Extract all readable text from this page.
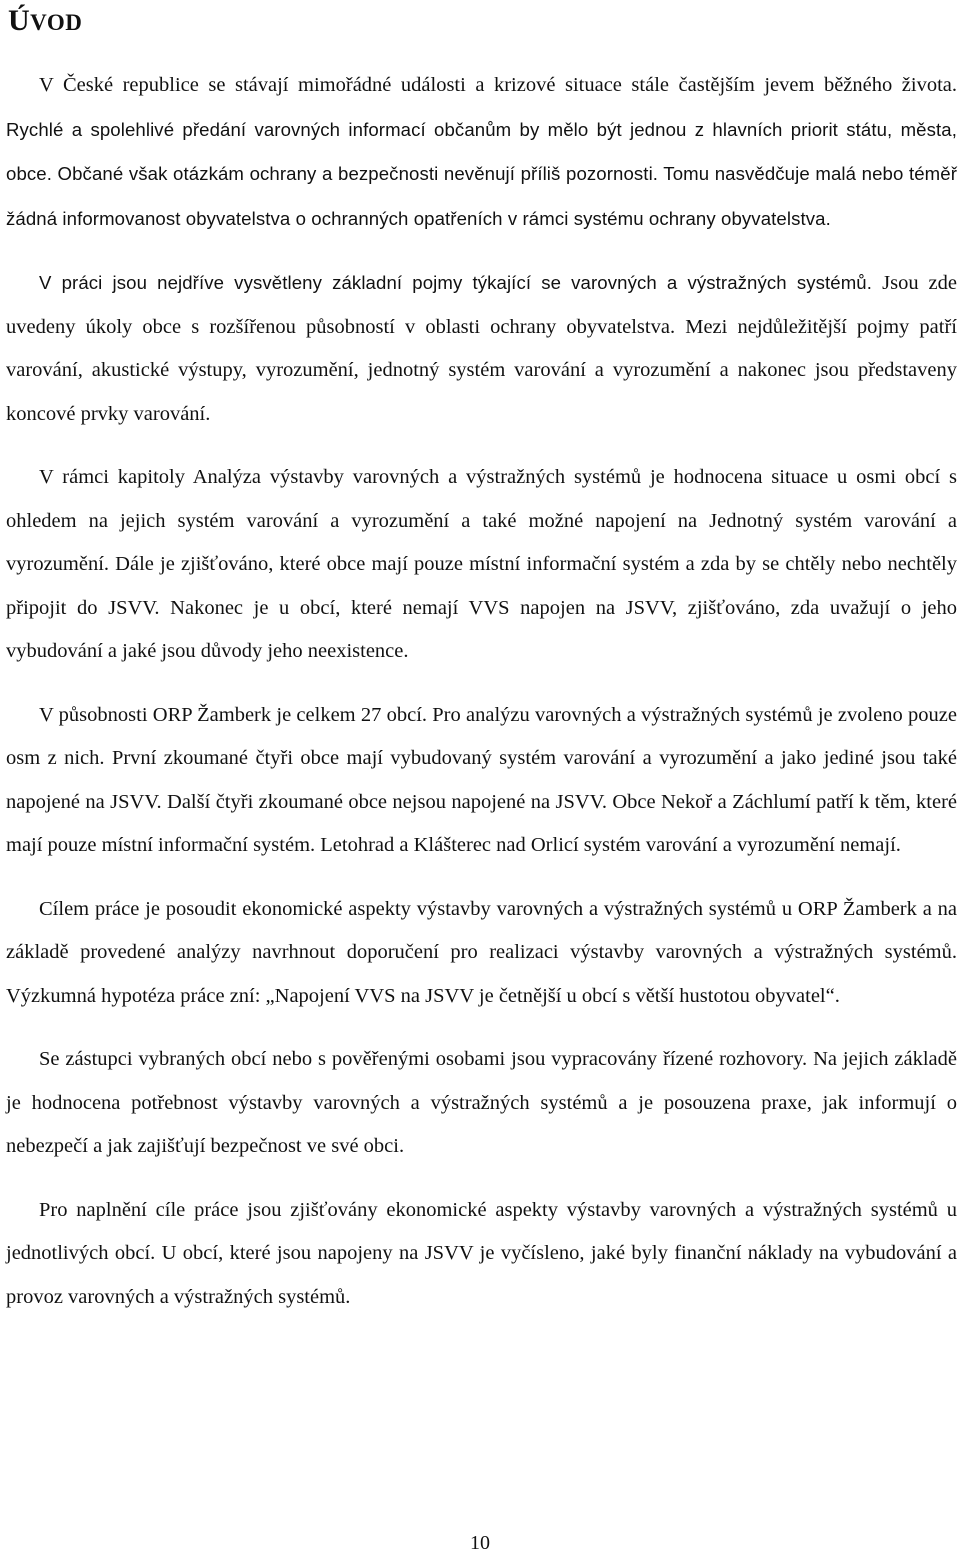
ÚVOD

V České republice se stávají mimořádné události a krizové situace stále častějším jevem běžného života. Rychlé a spolehlivé předání varovných informací občanům by mělo být jednou z hlavních priorit státu, města, obce. Občané však otázkám ochrany a bezpečnosti nevěnují příliš pozornosti. Tomu nasvědčuje malá nebo téměř žádná informovanost obyvatelstva o ochranných opatřeních v rámci systému ochrany obyvatelstva.

V práci jsou nejdříve vysvětleny základní pojmy týkající se varovných a výstražných systémů. Jsou zde uvedeny úkoly obce s rozšířenou působností v oblasti ochrany obyvatelstva. Mezi nejdůležitější pojmy patří varování, akustické výstupy, vyrozumění, jednotný systém varování a vyrozumění a nakonec jsou představeny koncové prvky varování.

V rámci kapitoly Analýza výstavby varovných a výstražných systémů je hodnocena situace u osmi obcí s ohledem na jejich systém varování a vyrozumění a také možné napojení na Jednotný systém varování a vyrozumění. Dále je zjišťováno, které obce mají pouze místní informační systém a zda by se chtěly nebo nechtěly připojit do JSVV. Nakonec je u obcí, které nemají VVS napojen na JSVV, zjišťováno, zda uvažují o jeho vybudování a jaké jsou důvody jeho neexistence.

V působnosti ORP Žamberk je celkem 27 obcí. Pro analýzu varovných a výstražných systémů je zvoleno pouze osm z nich. První zkoumané čtyři obce mají vybudovaný systém varování a vyrozumění a jako jediné jsou také napojené na JSVV. Další čtyři zkoumané obce nejsou napojené na JSVV. Obce Nekoř a Záchlumí patří k těm, které mají pouze místní informační systém. Letohrad a Klášterec nad Orlicí systém varování a vyrozumění nemají.

Cílem práce je posoudit ekonomické aspekty výstavby varovných a výstražných systémů u ORP Žamberk a na základě provedené analýzy navrhnout doporučení pro realizaci výstavby varovných a výstražných systémů. Výzkumná hypotéza práce zní: „Napojení VVS na JSVV je četnější u obcí s větší hustotou obyvatel“.

Se zástupci vybraných obcí nebo s pověřenými osobami jsou vypracovány řízené rozhovory. Na jejich základě je hodnocena potřebnost výstavby varovných a výstražných systémů a je posouzena praxe, jak informují o nebezpečí a jak zajišťují bezpečnost ve své obci.

Pro naplnění cíle práce jsou zjišťovány ekonomické aspekty výstavby varovných a výstražných systémů u jednotlivých obcí. U obcí, které jsou napojeny na JSVV je vyčísleno, jaké byly finanční náklady na vybudování a provoz varovných a výstražných systémů.

10
